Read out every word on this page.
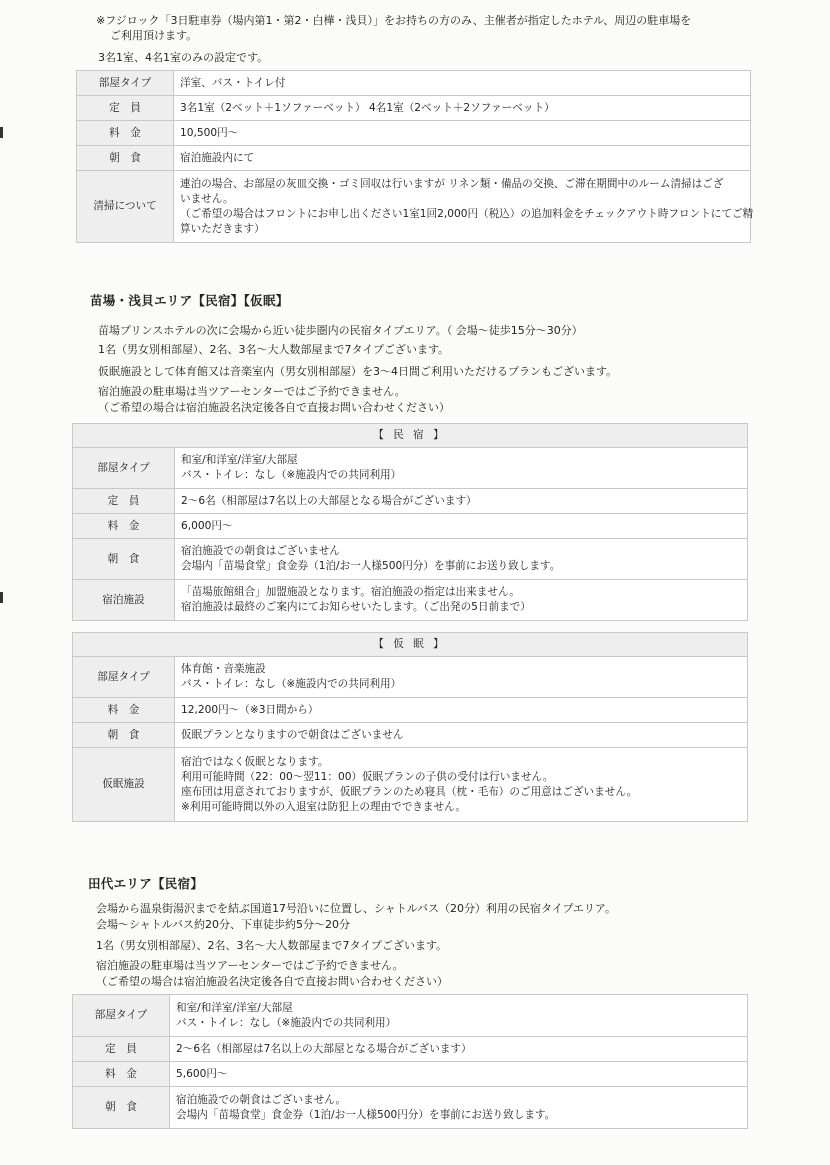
※フジロック「3日駐車券（場内第1・第2・白樺・浅貝）」をお持ちの方のみ、主催者が指定したホテル、周辺の駐車場を
ご利用頂けます。
3名1室、4名1室のみの設定です。
部屋タイプ	洋室、バス・トイレ付
定　員	3名1室（2ベット＋1ソファーベット） 4名1室（2ベット＋2ソファーベット）
料　金	10,500円～
朝　食	宿泊施設内にて
清掃について	連泊の場合、お部屋の灰皿交換・ゴミ回収は行いますが リネン類・備品の交換、ご滞在期間中のルーム清掃はござ
いません。
（ご希望の場合はフロントにお申し出ください1室1回2,000円（税込）の追加料金をチェックアウト時フロントにてご精
算いただきます）
苗場・浅貝エリア【民宿】【仮眠】
苗場プリンスホテルの次に会場から近い徒歩圏内の民宿タイプエリア。（ 会場〜徒歩15分〜30分）
1名（男女別相部屋）、2名、3名～大人数部屋まで7タイプございます。
仮眠施設として体育館又は音楽室内（男女別相部屋）を3～4日間ご利用いただけるプランもございます。
宿泊施設の駐車場は当ツアーセンターではご予約できません。
（ご希望の場合は宿泊施設名決定後各自で直接お問い合わせください）
【 民 宿 】	
部屋タイプ	和室/和洋室/洋室/大部屋
バス・トイレ：なし（※施設内での共同利用）

定　員	2～6名（相部屋は7名以上の大部屋となる場合がございます）
料　金	6,000円～
朝　食	宿泊施設での朝食はございません
会場内「苗場食堂」食金券（1泊/お一人様500円分）を事前にお送り致します。

宿泊施設	「苗場旅館組合」加盟施設となります。宿泊施設の指定は出来ません。
宿泊施設は最終のご案内にてお知らせいたします。（ご出発の5日前まで）
【 仮 眠 】	
部屋タイプ	体育館・音楽施設
バス・トイレ：なし（※施設内での共同利用）

料　金	12,200円～（※3日間から）
朝　食	仮眠プランとなりますので朝食はございません
仮眠施設	宿泊ではなく仮眠となります。
利用可能時間（22：00～翌11：00）仮眠プランの子供の受付は行いません。
座布団は用意されておりますが、仮眠プランのため寝具（枕・毛布）のご用意はございません。
※利用可能時間以外の入退室は防犯上の理由でできません。
田代エリア【民宿】
会場から温泉街湯沢までを結ぶ国道17号沿いに位置し、シャトルバス（20分）利用の民宿タイプエリア。
会場～シャトルバス約20分、下車徒歩約5分～20分
1名（男女別相部屋）、2名、3名～大人数部屋まで7タイプございます。
宿泊施設の駐車場は当ツアーセンターではご予約できません。
（ご希望の場合は宿泊施設名決定後各自で直接お問い合わせください）
部屋タイプ	和室/和洋室/洋室/大部屋
バス・トイレ：なし（※施設内での共同利用）

定　員	2～6名（相部屋は7名以上の大部屋となる場合がございます）
料　金	5,600円～
朝　食	宿泊施設での朝食はございません。
会場内「苗場食堂」食金券（1泊/お一人様500円分）を事前にお送り致します。
